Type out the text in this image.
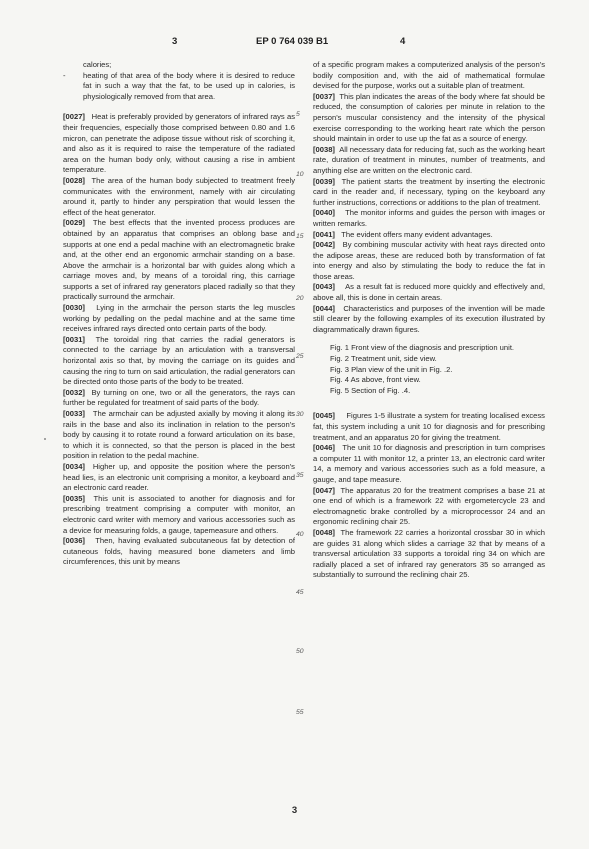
3	EP 0 764 039 B1	4

calories;

- heating of that area of the body where it is desired to reduce fat in such a way that the fat, to be used up in calories, is physiologically removed from that area.

[0027] Heat is preferably provided by generators of infrared rays as their frequencies, especially those comprised between 0.80 and 1.6 micron, can penetrate the adipose tissue without risk of scorching it, and also as it is required to raise the temperature of the radiated area on the human body only, without causing a rise in ambient temperature.

[0028] The area of the human body subjected to treatment freely communicates with the environment, namely with air circulating around it, partly to hinder any perspiration that would lessen the effect of the heat generator.

[0029] The best effects that the invented process produces are obtained by an apparatus that comprises an oblong base and supports at one end a pedal machine with an electromagnetic brake and, at the other end an ergonomic armchair standing on a base. Above the armchair is a horizontal bar with guides along which a carriage moves and, by means of a toroidal ring, this carriage supports a set of infrared ray generators placed radially so that they practically surround the armchair.

[0030] Lying in the armchair the person starts the leg muscles working by pedalling on the pedal machine and at the same time receives infrared rays directed onto certain parts of the body.

[0031] The toroidal ring that carries the radial generators is connected to the carriage by an articulation with a transversal horizontal axis so that, by moving the carriage on its guides and causing the ring to turn on said articulation, the radial generators can be directed onto those parts of the body to be treated.

[0032] By turning on one, two or all the generators, the rays can further be regulated for treatment of said parts of the body.

[0033] The armchair can be adjusted axially by moving it along its rails in the base and also its inclination in relation to the person's body by causing it to rotate round a forward articulation on its base, to which it is connected, so that the person is placed in the best position in relation to the pedal machine.

[0034] Higher up, and opposite the position where the person's head lies, is an electronic unit comprising a monitor, a keyboard and an electronic card reader.

[0035] This unit is associated to another for diagnosis and for prescribing treatment comprising a computer with monitor, an electronic card writer with memory and various accessories such as a device for measuring folds, a gauge, tapemeasure and others.

[0036] Then, having evaluated subcutaneous fat by detection of cutaneous folds, having measured bone diameters and limb circumferences, this unit by means

of a specific program makes a computerized analysis of the person's bodily composition and, with the aid of mathematical formulae devised for the purpose, works out a suitable plan of treatment.

[0037] This plan indicates the areas of the body where fat should be reduced, the consumption of calories per minute in relation to the person's muscular consistency and the intensity of the physical exercise corresponding to the working heart rate which the person should maintain in order to use up the fat as a source of energy.

[0038] All necessary data for reducing fat, such as the working heart rate, duration of treatment in minutes, number of treatments, and anything else are written on the electronic card.

[0039] The patient starts the treatment by inserting the electronic card in the reader and, if necessary, typing on the keyboard any further instructions, corrections or additions to the plan of treatment.

[0040] The monitor informs and guides the person with images or written remarks.

[0041] The evident offers many evident advantages.

[0042] By combining muscular activity with heat rays directed onto the adipose areas, these are reduced both by transformation of fat into energy and also by stimulating the body to reduce the fat in those areas.

[0043] As a result fat is reduced more quickly and effectively and, above all, this is done in certain areas.

[0044] Characteristics and purposes of the invention will be made still clearer by the following examples of its execution illustrated by diagrammatically drawn figures.

Fig. 1 Front view of the diagnosis and prescription unit.

Fig. 2 Treatment unit, side view.

Fig. 3 Plan view of the unit in Fig. .2.

Fig. 4 As above, front view.

Fig. 5 Section of Fig. .4.

[0045] Figures 1-5 illustrate a system for treating localised excess fat, this system including a unit 10 for diagnosis and for prescribing treatment, and an apparatus 20 for giving the treatment.

[0046] The unit 10 for diagnosis and prescription in turn comprises a computer 11 with monitor 12, a printer 13, an electronic card writer 14, a memory and various accessories such as a fold measure, a gauge, and tape measure.

[0047] The apparatus 20 for the treatment comprises a base 21 at one end of which is a framework 22 with ergometercycle 23 and electromagnetic brake controlled by a microprocessor 24 and an ergonomic reclining chair 25.

[0048] The framework 22 carries a horizontal crossbar 30 in which are guides 31 along which slides a carriage 32 that by means of a transversal articulation 33 supports a toroidal ring 34 on which are radially placed a set of infrared ray generators 35 so arranged as substantially to surround the reclining chair 25.

5
10
15
20
25
30
35
40
45
50
55
3
